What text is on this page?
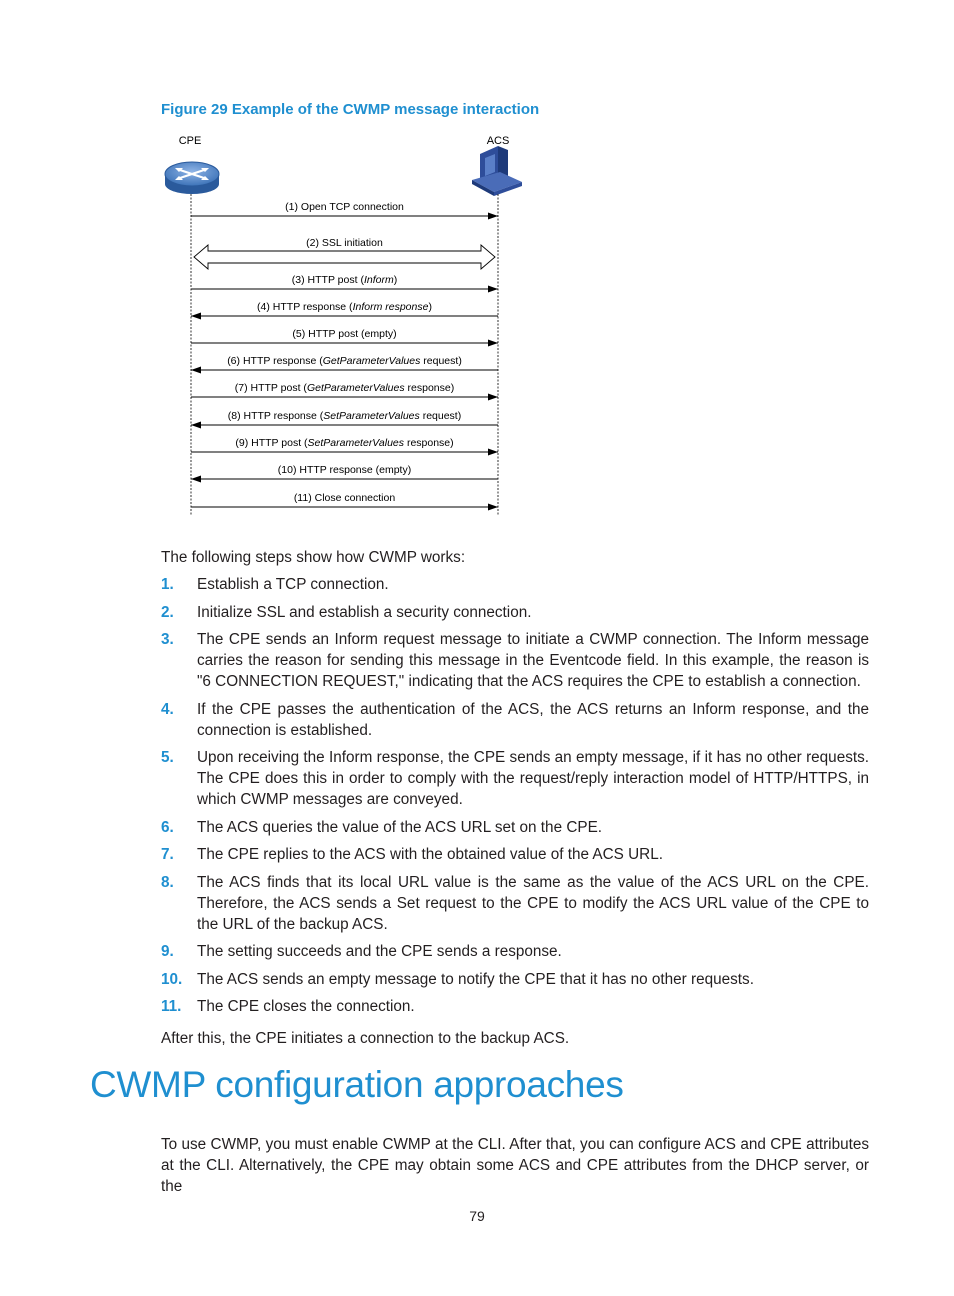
Figure 29 Example of the CWMP message interaction

CPE	ACS
(1) Open TCP connection
(2) SSL initiation
(3) HTTP post (Inform)
(4) HTTP response (Inform response)
(5) HTTP post (empty)
(6) HTTP response (GetParameterValues request)
(7) HTTP post (GetParameterValues response)
(8) HTTP response (SetParameterValues request)
(9) HTTP post (SetParameterValues response)
(10) HTTP response (empty)
(11) Close connection

The following steps show how CWMP works:

1. Establish a TCP connection.
2. Initialize SSL and establish a security connection.
3. The CPE sends an Inform request message to initiate a CWMP connection. The Inform message carries the reason for sending this message in the Eventcode field. In this example, the reason is "6 CONNECTION REQUEST," indicating that the ACS requires the CPE to establish a connection.
4. If the CPE passes the authentication of the ACS, the ACS returns an Inform response, and the connection is established.
5. Upon receiving the Inform response, the CPE sends an empty message, if it has no other requests. The CPE does this in order to comply with the request/reply interaction model of HTTP/HTTPS, in which CWMP messages are conveyed.
6. The ACS queries the value of the ACS URL set on the CPE.
7. The CPE replies to the ACS with the obtained value of the ACS URL.
8. The ACS finds that its local URL value is the same as the value of the ACS URL on the CPE. Therefore, the ACS sends a Set request to the CPE to modify the ACS URL value of the CPE to the URL of the backup ACS.
9. The setting succeeds and the CPE sends a response.
10. The ACS sends an empty message to notify the CPE that it has no other requests.
11. The CPE closes the connection.

After this, the CPE initiates a connection to the backup ACS.

CWMP configuration approaches

To use CWMP, you must enable CWMP at the CLI. After that, you can configure ACS and CPE attributes at the CLI. Alternatively, the CPE may obtain some ACS and CPE attributes from the DHCP server, or the

79
